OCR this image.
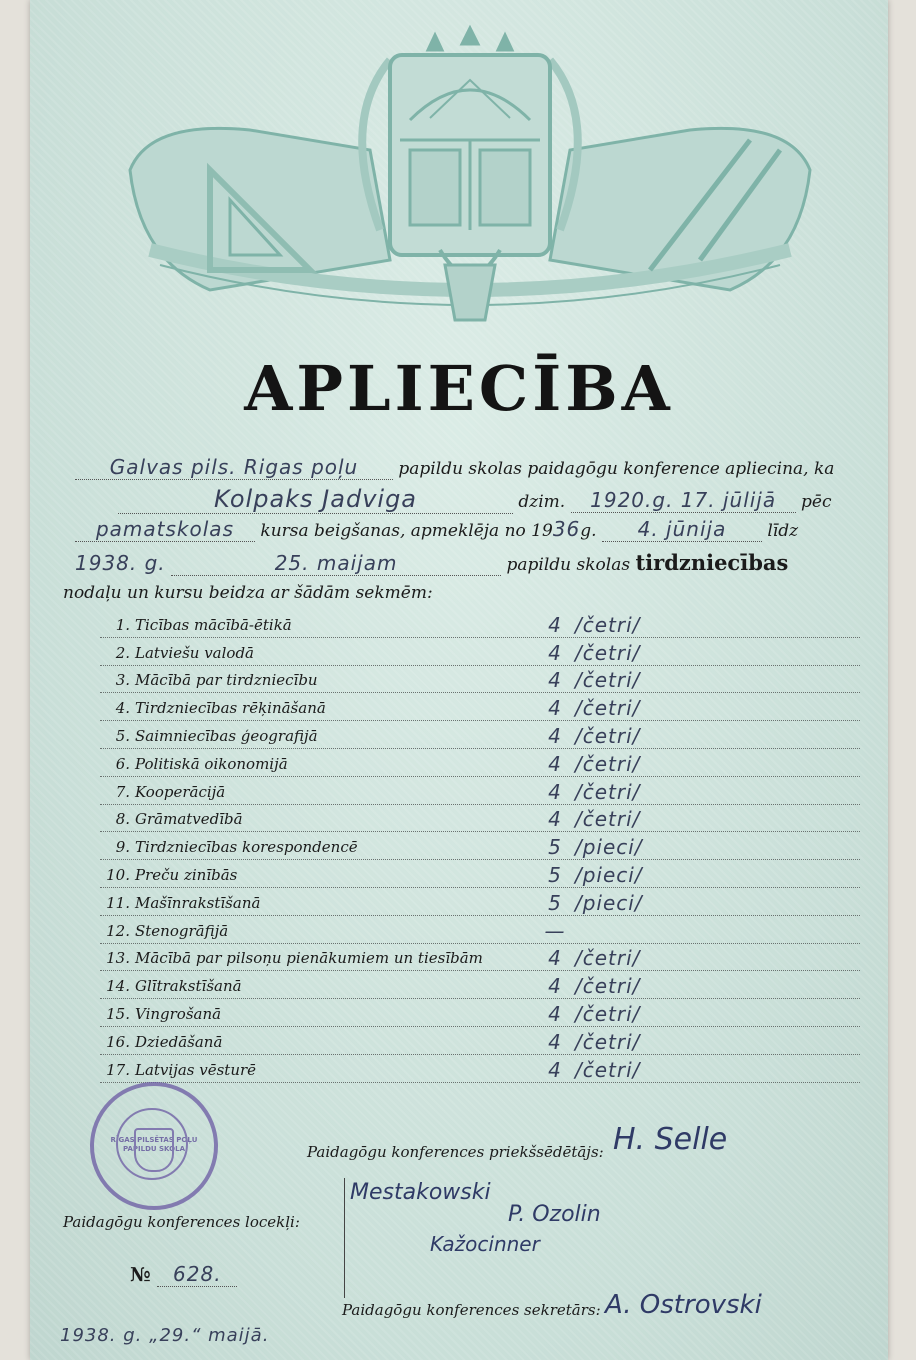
APLIECĪBA
Galvas pils. Rigas poļu papildu skolas paidagōgu konference apliecina, ka
Kolpaks Jadviga	dzim. 1920.g. 17. jūlijā pēc
pamatskolas kursa beigšanas, apmeklēja no 1936g. 4. jūnija līdz
1938. g.	25. maijam	papildu skolas tirdzniecības
nodaļu un kursu beidza ar šādām sekmēm:
1. Ticības mācībā-ētikā	4 /četri/
2. Latviešu valodā	4 /četri/
3. Mācībā par tirdzniecību	4 /četri/
4. Tirdzniecības rēķināšanā	4 /četri/
5. Saimniecības ģeografijā	4 /četri/
6. Politiskā oikonomijā	4 /četri/
7. Kooperācijā	4 /četri/
8. Grāmatvedībā	4 /četri/
9. Tirdzniecības korespondencē	5 /pieci/
10. Preču zinībās	5 /pieci/
11. Mašīnrakstīšanā	5 /pieci/
12. Stenogrāfijā	—
13. Mācībā par pilsoņu pienākumiem un tiesībām	4 /četri/
14. Glītrakstīšanā	4 /četri/
15. Vingrošanā	4 /četri/
16. Dziedāšanā	4 /četri/
17. Latvijas vēsturē	4 /četri/
RĪGAS PILSĒTAS POĻU PAPILDU SKOLA	Paidagōgu konferences priekšsēdētājs: H. Selle
Mestakowski
P. Ozolin
Kažocinner
Paidagōgu konferences locekļi:
№ 628.
Paidagōgu konferences sekretārs: A. Ostrovski
1938. g. „29.“ maijā.
